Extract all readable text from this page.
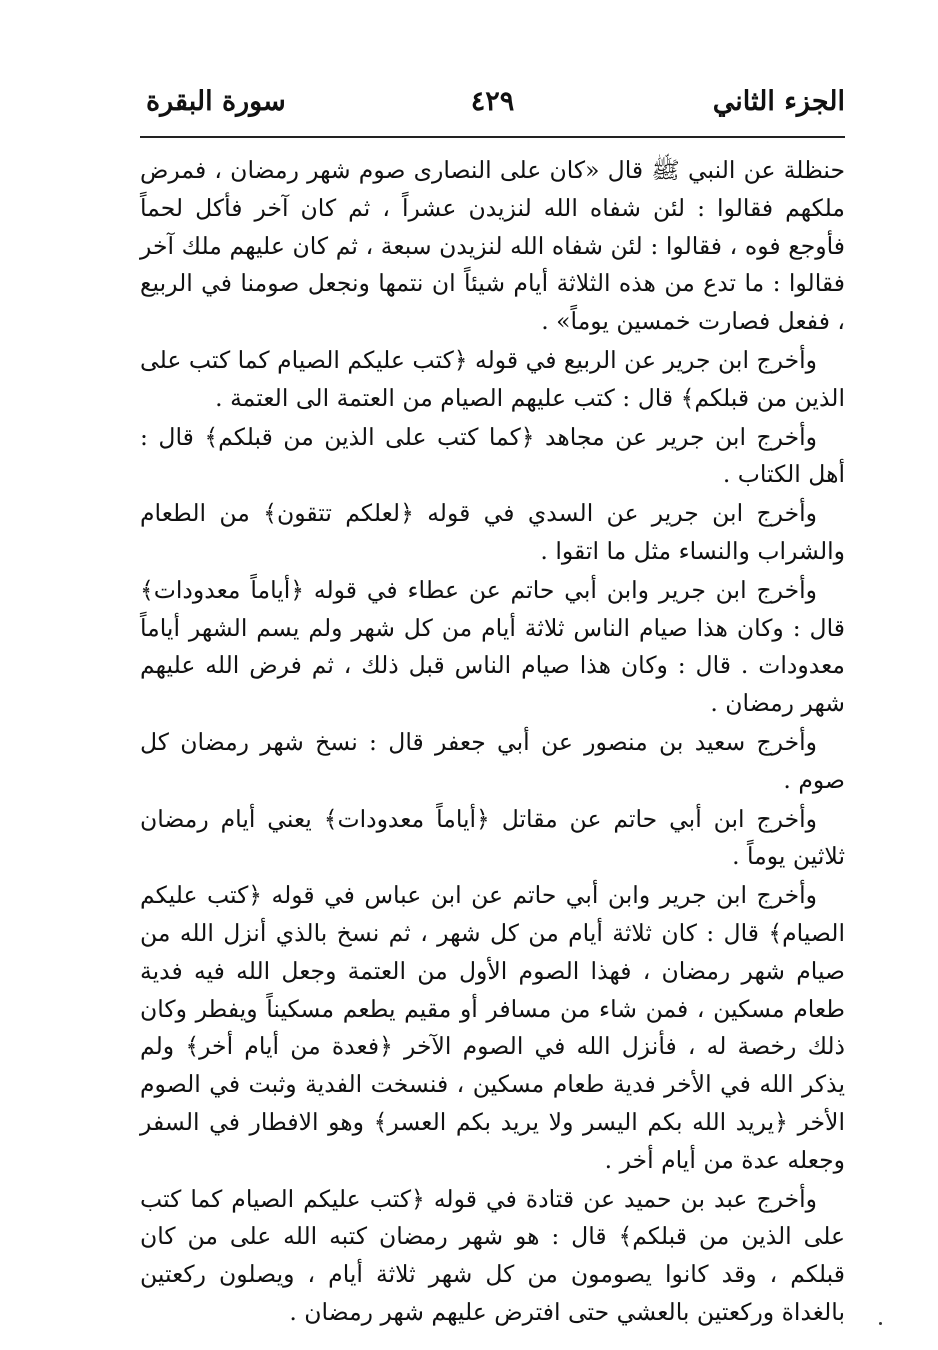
الجزء الثاني
٤٢٩
سورة البقرة

حنظلة عن النبي ﷺ قال «كان على النصارى صوم شهر رمضان ، فمرض ملكهم فقالوا : لئن شفاه الله لنزيدن عشراً ، ثم كان آخر فأكل لحماً فأوجع فوه ، فقالوا : لئن شفاه الله لنزيدن سبعة ، ثم كان عليهم ملك آخر فقالوا : ما تدع من هذه الثلاثة أيام شيئاً ان نتمها ونجعل صومنا في الربيع ، ففعل فصارت خمسين يوماً» .

وأخرج ابن جرير عن الربيع في قوله ﴿كتب عليكم الصيام كما كتب على الذين من قبلكم﴾ قال : كتب عليهم الصيام من العتمة الى العتمة .

وأخرج ابن جرير عن مجاهد ﴿كما كتب على الذين من قبلكم﴾ قال : أهل الكتاب .

وأخرج ابن جرير عن السدي في قوله ﴿لعلكم تتقون﴾ من الطعام والشراب والنساء مثل ما اتقوا .

وأخرج ابن جرير وابن أبي حاتم عن عطاء في قوله ﴿أياماً معدودات﴾ قال : وكان هذا صيام الناس ثلاثة أيام من كل شهر ولم يسم الشهر أياماً معدودات . قال : وكان هذا صيام الناس قبل ذلك ، ثم فرض الله عليهم شهر رمضان .

وأخرج سعيد بن منصور عن أبي جعفر قال : نسخ شهر رمضان كل صوم .

وأخرج ابن أبي حاتم عن مقاتل ﴿أياماً معدودات﴾ يعني أيام رمضان ثلاثين يوماً .

وأخرج ابن جرير وابن أبي حاتم عن ابن عباس في قوله ﴿كتب عليكم الصيام﴾ قال : كان ثلاثة أيام من كل شهر ، ثم نسخ بالذي أنزل الله من صيام شهر رمضان ، فهذا الصوم الأول من العتمة وجعل الله فيه فدية طعام مسكين ، فمن شاء من مسافر أو مقيم يطعم مسكيناً ويفطر وكان ذلك رخصة له ، فأنزل الله في الصوم الآخر ﴿فعدة من أيام أخر﴾ ولم يذكر الله في الأخر فدية طعام مسكين ، فنسخت الفدية وثبت في الصوم الأخر ﴿يريد الله بكم اليسر ولا يريد بكم العسر﴾ وهو الافطار في السفر وجعله عدة من أيام أخر .

وأخرج عبد بن حميد عن قتادة في قوله ﴿كتب عليكم الصيام كما كتب على الذين من قبلكم﴾ قال : هو شهر رمضان كتبه الله على من كان قبلكم ، وقد كانوا يصومون من كل شهر ثلاثة أيام ، ويصلون ركعتين بالغداة وركعتين بالعشي حتى افترض عليهم شهر رمضان .
